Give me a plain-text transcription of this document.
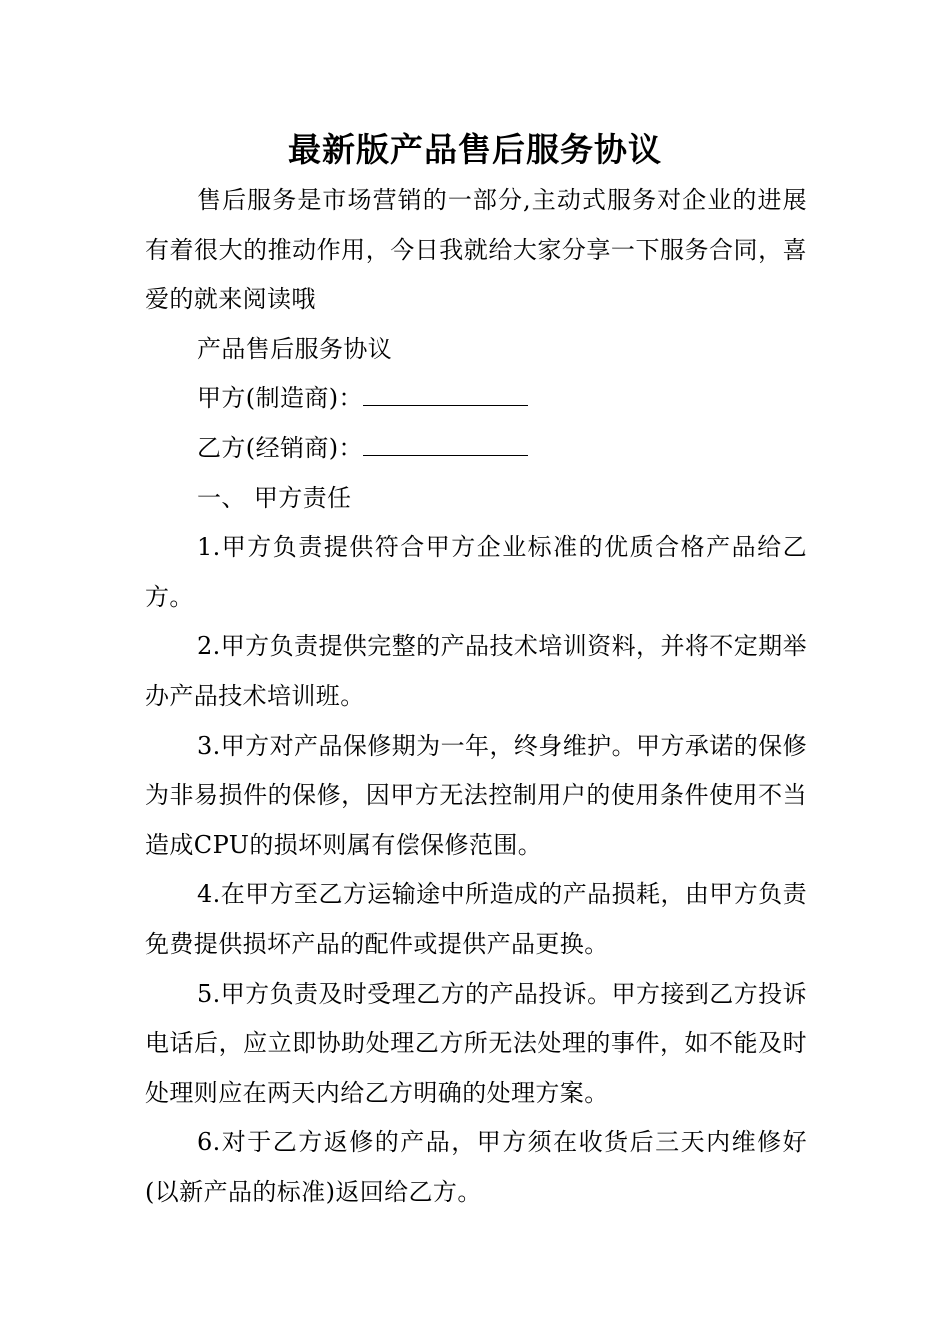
最新版产品售后服务协议

售后服务是市场营销的一部分,主动式服务对企业的进展有着很大的推动作用，今日我就给大家分享一下服务合同，喜爱的就来阅读哦

产品售后服务协议

甲方(制造商)：

乙方(经销商)：

一、 甲方责任

1.甲方负责提供符合甲方企业标准的优质合格产品给乙方。

2.甲方负责提供完整的产品技术培训资料，并将不定期举办产品技术培训班。

3.甲方对产品保修期为一年，终身维护。甲方承诺的保修为非易损件的保修，因甲方无法控制用户的使用条件使用不当造成CPU的损坏则属有偿保修范围。

4.在甲方至乙方运输途中所造成的产品损耗，由甲方负责免费提供损坏产品的配件或提供产品更换。

5.甲方负责及时受理乙方的产品投诉。甲方接到乙方投诉电话后，应立即协助处理乙方所无法处理的事件，如不能及时处理则应在两天内给乙方明确的处理方案。

6.对于乙方返修的产品，甲方须在收货后三天内维修好(以新产品的标准)返回给乙方。
